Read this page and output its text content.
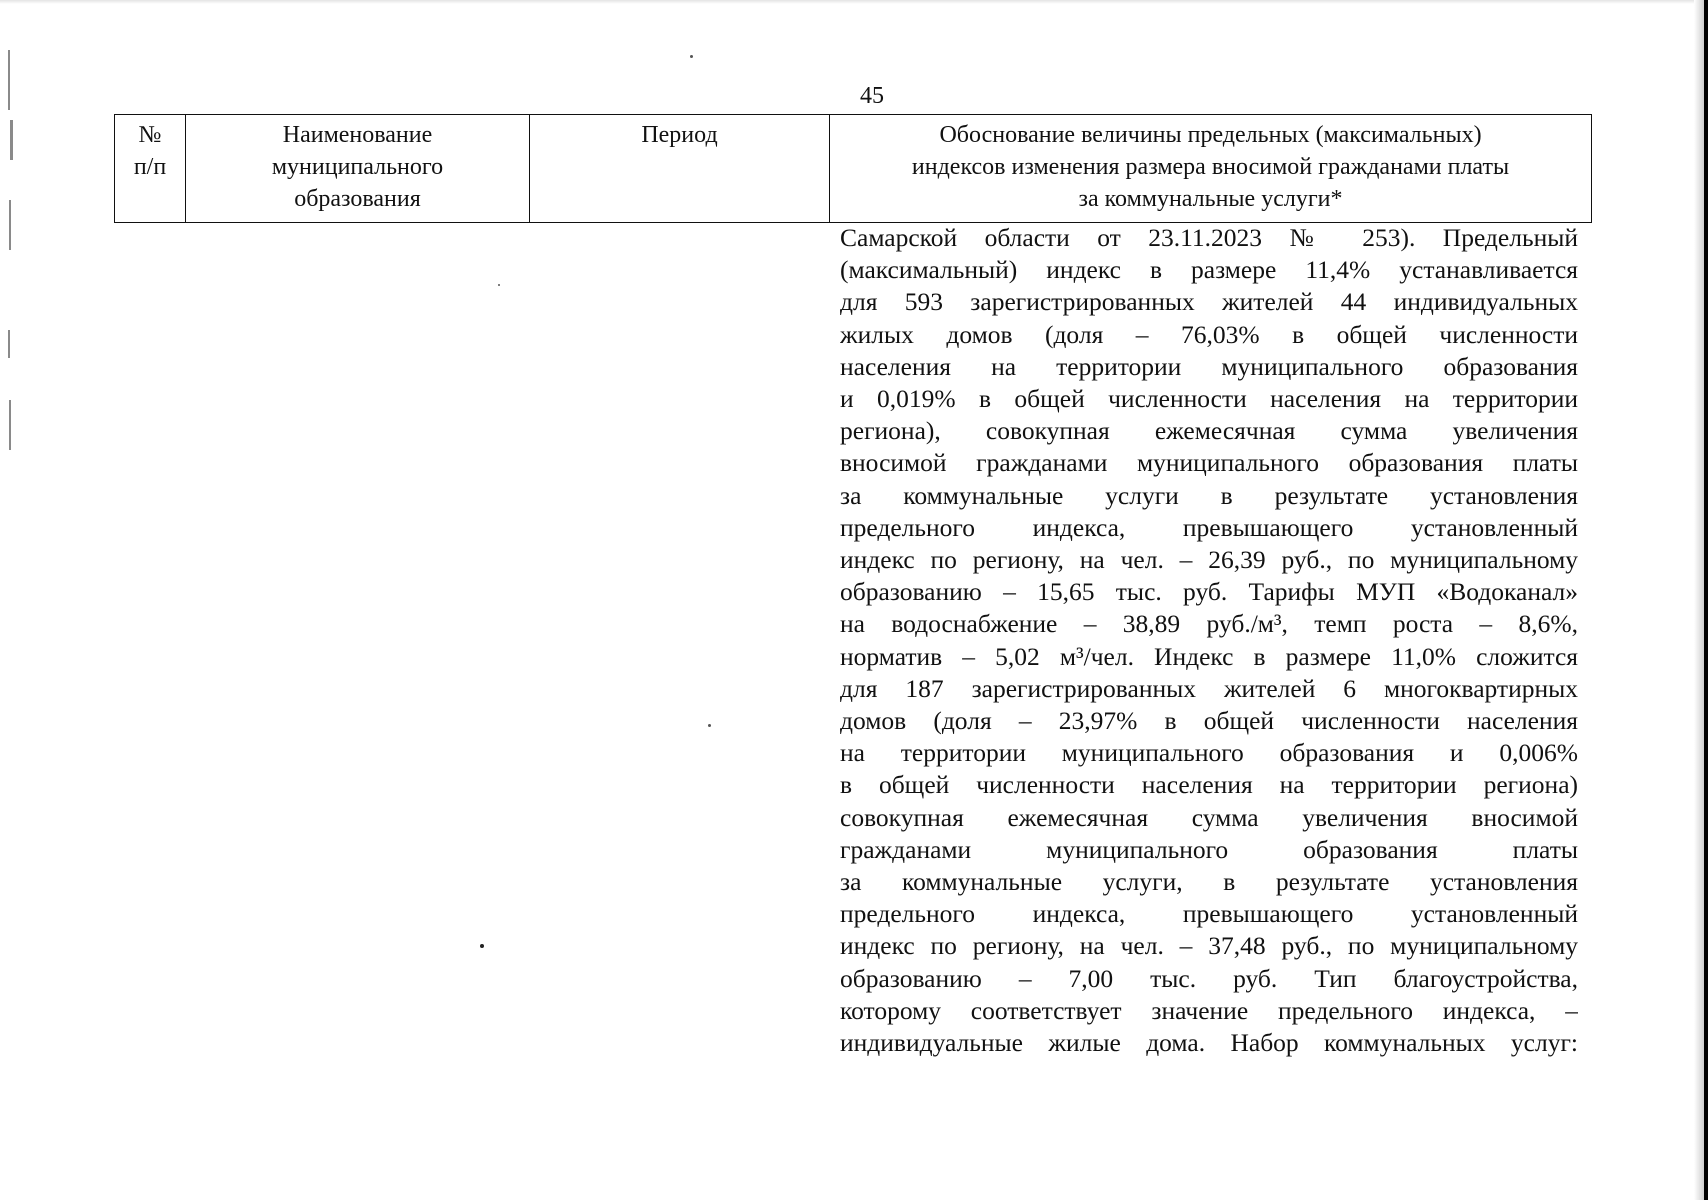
45
№
п/п
Наименование
муниципального
образования
Период	Обоснование величины предельных (максимальных)
индексов изменения размера вносимой гражданами платы
за коммунальные услуги*
Самарской области от 23.11.2023 № 253). Предельный
(максимальный) индекс в размере 11,4% устанавливается
для 593 зарегистрированных жителей 44 индивидуальных
жилых домов (доля – 76,03% в общей численности
населения на территории муниципального образования
и 0,019% в общей численности населения на территории
региона), совокупная ежемесячная сумма увеличения
вносимой гражданами муниципального образования платы
за коммунальные услуги в результате установления
предельного индекса, превышающего установленный
индекс по региону, на чел. – 26,39 руб., по муниципальному
образованию – 15,65 тыс. руб. Тарифы МУП «Водоканал»
на водоснабжение – 38,89 руб./м³, темп роста – 8,6%,
норматив – 5,02 м³/чел. Индекс в размере 11,0% сложится
для 187 зарегистрированных жителей 6 многоквартирных
домов (доля – 23,97% в общей численности населения
на территории муниципального образования и 0,006%
в общей численности населения на территории региона)
совокупная ежемесячная сумма увеличения вносимой
гражданами муниципального образования платы
за коммунальные услуги, в результате установления
предельного индекса, превышающего установленный
индекс по региону, на чел. – 37,48 руб., по муниципальному
образованию – 7,00 тыс. руб. Тип благоустройства,
которому соответствует значение предельного индекса, –
индивидуальные жилые дома. Набор коммунальных услуг:
